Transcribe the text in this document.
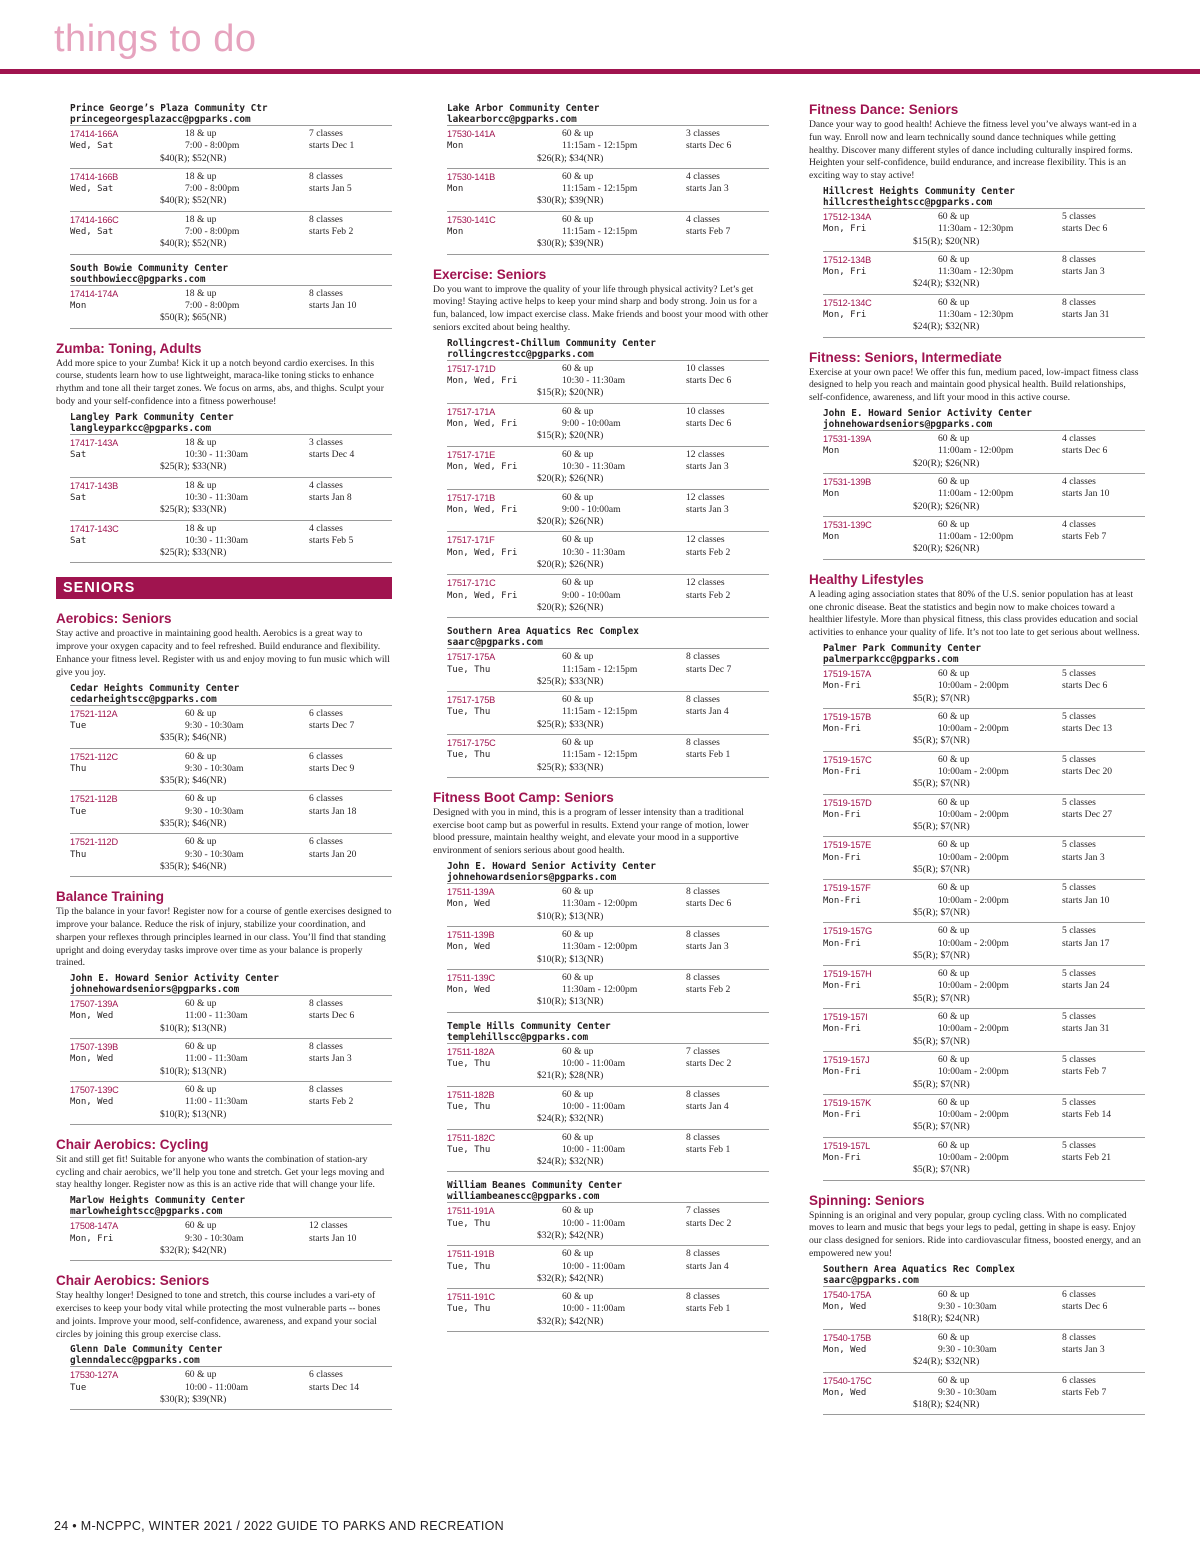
things to do
Prince George’s Plaza Community Ctr
princegeorgesplazacc@pgparks.com
17414-166A
Wed, Sat
18 & up
7:00 - 8:00pm
$40(R); $52(NR)
7 classes
starts Dec 1
17414-166B
Wed, Sat
18 & up
7:00 - 8:00pm
$40(R); $52(NR)
8 classes
starts Jan 5
17414-166C
Wed, Sat
18 & up
7:00 - 8:00pm
$40(R); $52(NR)
8 classes
starts Feb 2
South Bowie Community Center
southbowiecc@pgparks.com
17414-174A
Mon
18 & up
7:00 - 8:00pm
$50(R); $65(NR)
8 classes
starts Jan 10
Zumba: Toning, Adults
Add more spice to your Zumba! Kick it up a notch beyond cardio exercises. In this course, students learn how to use lightweight, maraca-like toning sticks to enhance rhythm and tone all their target zones. We focus on arms, abs, and thighs. Sculpt your body and your self-confidence into a fitness powerhouse!
Langley Park Community Center
langleyparkcc@pgparks.com
17417-143A
Sat
18 & up
10:30 - 11:30am
$25(R); $33(NR)
3 classes
starts Dec 4
17417-143B
Sat
18 & up
10:30 - 11:30am
$25(R); $33(NR)
4 classes
starts Jan 8
17417-143C
Sat
18 & up
10:30 - 11:30am
$25(R); $33(NR)
4 classes
starts Feb 5
SENIORS
Aerobics: Seniors
Stay active and proactive in maintaining good health. Aerobics is a great way to improve your oxygen capacity and to feel refreshed. Build endurance and flexibility. Enhance your fitness level. Register with us and enjoy moving to fun music which will give you joy.
Cedar Heights Community Center
cedarheightscc@pgparks.com
17521-112A
Tue
60 & up
9:30 - 10:30am
$35(R); $46(NR)
6 classes
starts Dec 7
17521-112C
Thu
60 & up
9:30 - 10:30am
$35(R); $46(NR)
6 classes
starts Dec 9
17521-112B
Tue
60 & up
9:30 - 10:30am
$35(R); $46(NR)
6 classes
starts Jan 18
17521-112D
Thu
60 & up
9:30 - 10:30am
$35(R); $46(NR)
6 classes
starts Jan 20
Balance Training
Tip the balance in your favor! Register now for a course of gentle exercises designed to improve your balance. Reduce the risk of injury, stabilize your coordination, and sharpen your reflexes through principles learned in our class. You’ll find that standing upright and doing everyday tasks improve over time as your balance is properly trained.
John E. Howard Senior Activity Center
johnehowardseniors@pgparks.com
17507-139A
Mon, Wed
60 & up
11:00 - 11:30am
$10(R); $13(NR)
8 classes
starts Dec 6
17507-139B
Mon, Wed
60 & up
11:00 - 11:30am
$10(R); $13(NR)
8 classes
starts Jan 3
17507-139C
Mon, Wed
60 & up
11:00 - 11:30am
$10(R); $13(NR)
8 classes
starts Feb 2
Chair Aerobics: Cycling
Sit and still get fit! Suitable for anyone who wants the combination of station-ary cycling and chair aerobics, we’ll help you tone and stretch. Get your legs moving and stay healthy longer. Register now as this is an active ride that will change your life.
Marlow Heights Community Center
marlowheightscc@pgparks.com
17508-147A
Mon, Fri
60 & up
9:30 - 10:30am
$32(R); $42(NR)
12 classes
starts Jan 10
Chair Aerobics: Seniors
Stay healthy longer! Designed to tone and stretch, this course includes a vari-ety of exercises to keep your body vital while protecting the most vulnerable parts -- bones and joints. Improve your mood, self-confidence, awareness, and expand your social circles by joining this group exercise class.
Glenn Dale Community Center
glenndalecc@pgparks.com
17530-127A
Tue
60 & up
10:00 - 11:00am
$30(R); $39(NR)
6 classes
starts Dec 14
Lake Arbor Community Center
lakearborcc@pgparks.com
17530-141A
Mon
60 & up
11:15am - 12:15pm
$26(R); $34(NR)
3 classes
starts Dec 6
17530-141B
Mon
60 & up
11:15am - 12:15pm
$30(R); $39(NR)
4 classes
starts Jan 3
17530-141C
Mon
60 & up
11:15am - 12:15pm
$30(R); $39(NR)
4 classes
starts Feb 7
Exercise: Seniors
Do you want to improve the quality of your life through physical activity? Let’s get moving! Staying active helps to keep your mind sharp and body strong. Join us for a fun, balanced, low impact exercise class. Make friends and boost your mood with other seniors excited about being healthy.
Rollingcrest-Chillum Community Center
rollingcrestcc@pgparks.com
17517-171D
Mon, Wed, Fri
60 & up
10:30 - 11:30am
$15(R); $20(NR)
10 classes
starts Dec 6
17517-171A
Mon, Wed, Fri
60 & up
9:00 - 10:00am
$15(R); $20(NR)
10 classes
starts Dec 6
17517-171E
Mon, Wed, Fri
60 & up
10:30 - 11:30am
$20(R); $26(NR)
12 classes
starts Jan 3
17517-171B
Mon, Wed, Fri
60 & up
9:00 - 10:00am
$20(R); $26(NR)
12 classes
starts Jan 3
17517-171F
Mon, Wed, Fri
60 & up
10:30 - 11:30am
$20(R); $26(NR)
12 classes
starts Feb 2
17517-171C
Mon, Wed, Fri
60 & up
9:00 - 10:00am
$20(R); $26(NR)
12 classes
starts Feb 2
Southern Area Aquatics Rec Complex
saarc@pgparks.com
17517-175A
Tue, Thu
60 & up
11:15am - 12:15pm
$25(R); $33(NR)
8 classes
starts Dec 7
17517-175B
Tue, Thu
60 & up
11:15am - 12:15pm
$25(R); $33(NR)
8 classes
starts Jan 4
17517-175C
Tue, Thu
60 & up
11:15am - 12:15pm
$25(R); $33(NR)
8 classes
starts Feb 1
Fitness Boot Camp: Seniors
Designed with you in mind, this is a program of lesser intensity than a traditional exercise boot camp but as powerful in results. Extend your range of motion, lower blood pressure, maintain healthy weight, and elevate your mood in a supportive environment of seniors serious about good health.
John E. Howard Senior Activity Center
johnehowardseniors@pgparks.com
17511-139A
Mon, Wed
60 & up
11:30am - 12:00pm
$10(R); $13(NR)
8 classes
starts Dec 6
17511-139B
Mon, Wed
60 & up
11:30am - 12:00pm
$10(R); $13(NR)
8 classes
starts Jan 3
17511-139C
Mon, Wed
60 & up
11:30am - 12:00pm
$10(R); $13(NR)
8 classes
starts Feb 2
Temple Hills Community Center
templehillscc@pgparks.com
17511-182A
Tue, Thu
60 & up
10:00 - 11:00am
$21(R); $28(NR)
7 classes
starts Dec 2
17511-182B
Tue, Thu
60 & up
10:00 - 11:00am
$24(R); $32(NR)
8 classes
starts Jan 4
17511-182C
Tue, Thu
60 & up
10:00 - 11:00am
$24(R); $32(NR)
8 classes
starts Feb 1
William Beanes Community Center
williambeanescc@pgparks.com
17511-191A
Tue, Thu
60 & up
10:00 - 11:00am
$32(R); $42(NR)
7 classes
starts Dec 2
17511-191B
Tue, Thu
60 & up
10:00 - 11:00am
$32(R); $42(NR)
8 classes
starts Jan 4
17511-191C
Tue, Thu
60 & up
10:00 - 11:00am
$32(R); $42(NR)
8 classes
starts Feb 1
Fitness Dance: Seniors
Dance your way to good health! Achieve the fitness level you’ve always want-ed in a fun way. Enroll now and learn technically sound dance techniques while getting healthy. Discover many different styles of dance including culturally inspired forms. Heighten your self-confidence, build endurance, and increase flexibility. This is an exciting way to stay active!
Hillcrest Heights Community Center
hillcrestheightscc@pgparks.com
17512-134A
Mon, Fri
60 & up
11:30am - 12:30pm
$15(R); $20(NR)
5 classes
starts Dec 6
17512-134B
Mon, Fri
60 & up
11:30am - 12:30pm
$24(R); $32(NR)
8 classes
starts Jan 3
17512-134C
Mon, Fri
60 & up
11:30am - 12:30pm
$24(R); $32(NR)
8 classes
starts Jan 31
Fitness: Seniors, Intermediate
Exercise at your own pace! We offer this fun, medium paced, low-impact fitness class designed to help you reach and maintain good physical health. Build relationships, self-confidence, awareness, and lift your mood in this active course.
John E. Howard Senior Activity Center
johnehowardseniors@pgparks.com
17531-139A
Mon
60 & up
11:00am - 12:00pm
$20(R); $26(NR)
4 classes
starts Dec 6
17531-139B
Mon
60 & up
11:00am - 12:00pm
$20(R); $26(NR)
4 classes
starts Jan 10
17531-139C
Mon
60 & up
11:00am - 12:00pm
$20(R); $26(NR)
4 classes
starts Feb 7
Healthy Lifestyles
A leading aging association states that 80% of the U.S. senior population has at least one chronic disease. Beat the statistics and begin now to make choices toward a healthier lifestyle. More than physical fitness, this class provides education and social activities to enhance your quality of life. It’s not too late to get serious about wellness.
Palmer Park Community Center
palmerparkcc@pgparks.com
17519-157A
Mon-Fri
60 & up
10:00am - 2:00pm
$5(R); $7(NR)
5 classes
starts Dec 6
17519-157B
Mon-Fri
60 & up
10:00am - 2:00pm
$5(R); $7(NR)
5 classes
starts Dec 13
17519-157C
Mon-Fri
60 & up
10:00am - 2:00pm
$5(R); $7(NR)
5 classes
starts Dec 20
17519-157D
Mon-Fri
60 & up
10:00am - 2:00pm
$5(R); $7(NR)
5 classes
starts Dec 27
17519-157E
Mon-Fri
60 & up
10:00am - 2:00pm
$5(R); $7(NR)
5 classes
starts Jan 3
17519-157F
Mon-Fri
60 & up
10:00am - 2:00pm
$5(R); $7(NR)
5 classes
starts Jan 10
17519-157G
Mon-Fri
60 & up
10:00am - 2:00pm
$5(R); $7(NR)
5 classes
starts Jan 17
17519-157H
Mon-Fri
60 & up
10:00am - 2:00pm
$5(R); $7(NR)
5 classes
starts Jan 24
17519-157I
Mon-Fri
60 & up
10:00am - 2:00pm
$5(R); $7(NR)
5 classes
starts Jan 31
17519-157J
Mon-Fri
60 & up
10:00am - 2:00pm
$5(R); $7(NR)
5 classes
starts Feb 7
17519-157K
Mon-Fri
60 & up
10:00am - 2:00pm
$5(R); $7(NR)
5 classes
starts Feb 14
17519-157L
Mon-Fri
60 & up
10:00am - 2:00pm
$5(R); $7(NR)
5 classes
starts Feb 21
Spinning: Seniors
Spinning is an original and very popular, group cycling class. With no complicated moves to learn and music that begs your legs to pedal, getting in shape is easy. Enjoy our class designed for seniors. Ride into cardiovascular fitness, boosted energy, and an empowered new you!
Southern Area Aquatics Rec Complex
saarc@pgparks.com
17540-175A
Mon, Wed
60 & up
9:30 - 10:30am
$18(R); $24(NR)
6 classes
starts Dec 6
17540-175B
Mon, Wed
60 & up
9:30 - 10:30am
$24(R); $32(NR)
8 classes
starts Jan 3
17540-175C
Mon, Wed
60 & up
9:30 - 10:30am
$18(R); $24(NR)
6 classes
starts Feb 7
24 • M-NCPPC, WINTER 2021 / 2022 GUIDE TO PARKS AND RECREATION
